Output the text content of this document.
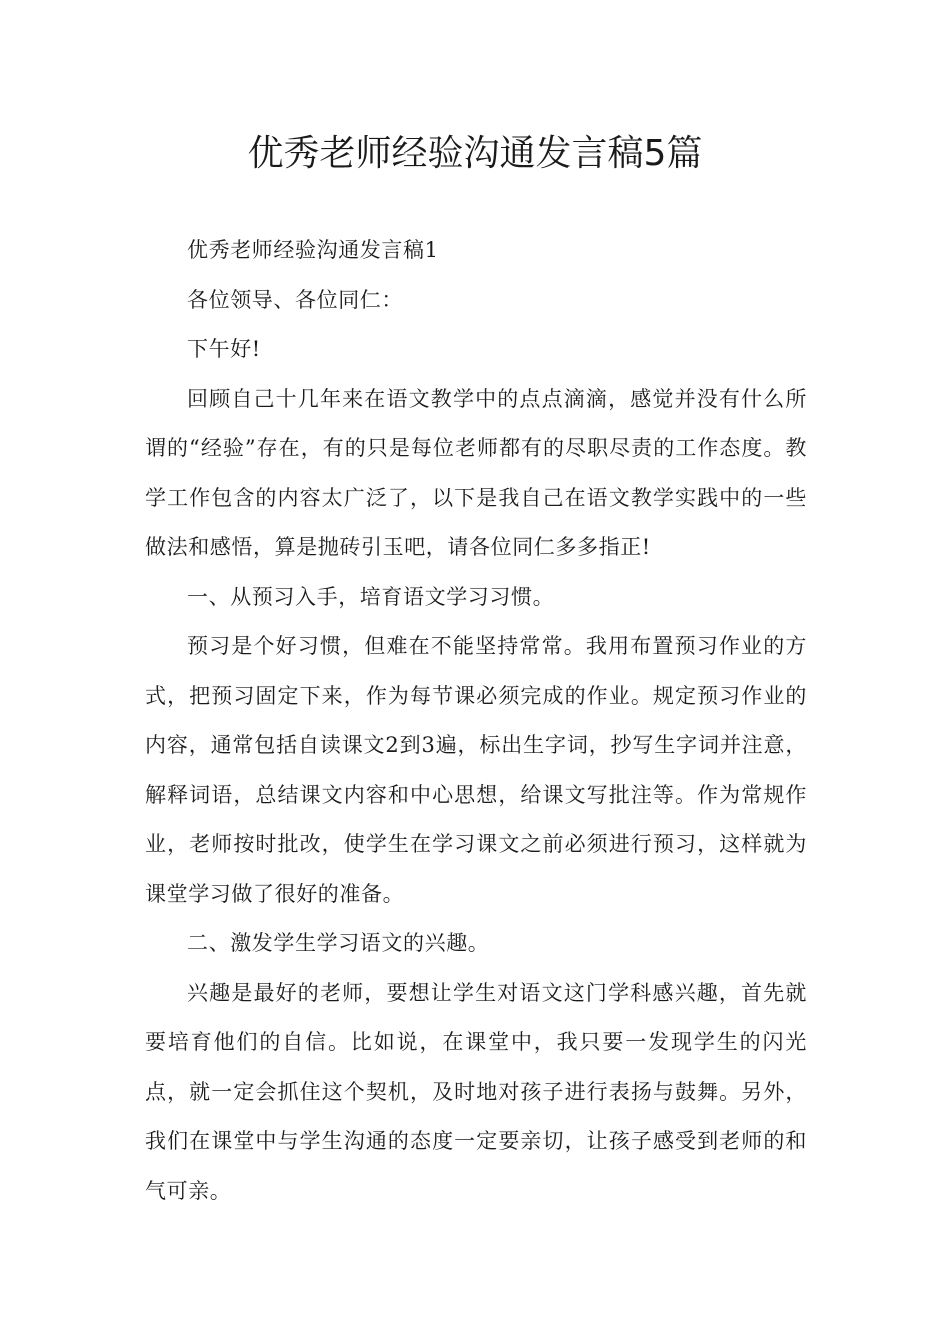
优秀老师经验沟通发言稿5篇

优秀老师经验沟通发言稿1

各位领导、各位同仁：

下午好!

回顾自己十几年来在语文教学中的点点滴滴，感觉并没有什么所谓的“经验”存在，有的只是每位老师都有的尽职尽责的工作态度。教学工作包含的内容太广泛了，以下是我自己在语文教学实践中的一些做法和感悟，算是抛砖引玉吧，请各位同仁多多指正!

一、从预习入手，培育语文学习习惯。

预习是个好习惯，但难在不能坚持常常。我用布置预习作业的方式，把预习固定下来，作为每节课必须完成的作业。规定预习作业的内容，通常包括自读课文2到3遍，标出生字词，抄写生字词并注意，解释词语，总结课文内容和中心思想，给课文写批注等。作为常规作业，老师按时批改，使学生在学习课文之前必须进行预习，这样就为课堂学习做了很好的准备。

二、激发学生学习语文的兴趣。

兴趣是最好的老师，要想让学生对语文这门学科感兴趣，首先就要培育他们的自信。比如说，在课堂中，我只要一发现学生的闪光点，就一定会抓住这个契机，及时地对孩子进行表扬与鼓舞。另外，我们在课堂中与学生沟通的态度一定要亲切，让孩子感受到老师的和气可亲。
